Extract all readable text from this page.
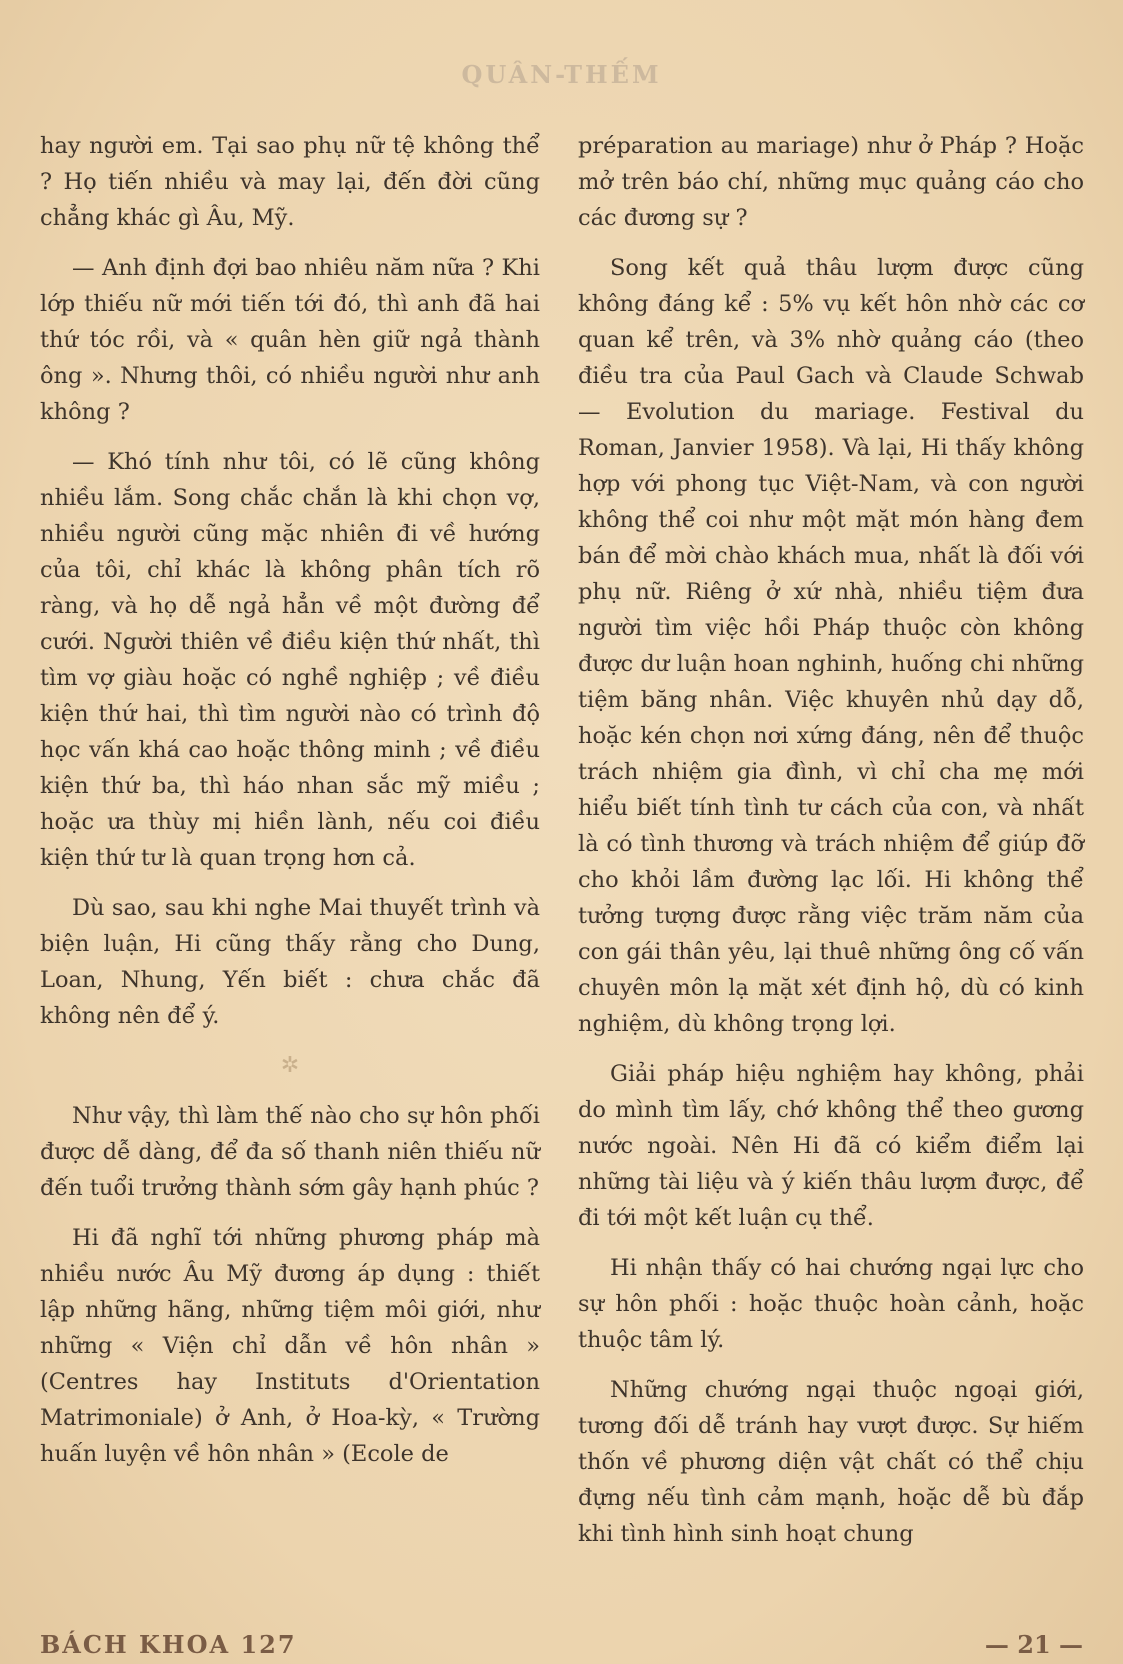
QUÂN-THẾM

hay người em. Tại sao phụ nữ tệ không thể ? Họ tiến nhiều và may lại, đến đời cũng chẳng khác gì Âu, Mỹ.

— Anh định đợi bao nhiêu năm nữa ? Khi lớp thiếu nữ mới tiến tới đó, thì anh đã hai thứ tóc rồi, và « quân hèn giữ ngả thành ông ». Nhưng thôi, có nhiều người như anh không ?

— Khó tính như tôi, có lẽ cũng không nhiều lắm. Song chắc chắn là khi chọn vợ, nhiều người cũng mặc nhiên đi về hướng của tôi, chỉ khác là không phân tích rõ ràng, và họ dễ ngả hẳn về một đường để cưới. Người thiên về điều kiện thứ nhất, thì tìm vợ giàu hoặc có nghề nghiệp ; về điều kiện thứ hai, thì tìm người nào có trình độ học vấn khá cao hoặc thông minh ; về điều kiện thứ ba, thì háo nhan sắc mỹ miều ; hoặc ưa thùy mị hiền lành, nếu coi điều kiện thứ tư là quan trọng hơn cả.

Dù sao, sau khi nghe Mai thuyết trình và biện luận, Hi cũng thấy rằng cho Dung, Loan, Nhung, Yến biết : chưa chắc đã không nên để ý.

✲

Như vậy, thì làm thế nào cho sự hôn phối được dễ dàng, để đa số thanh niên thiếu nữ đến tuổi trưởng thành sớm gây hạnh phúc ?

Hi đã nghĩ tới những phương pháp mà nhiều nước Âu Mỹ đương áp dụng : thiết lập những hãng, những tiệm môi giới, như những « Viện chỉ dẫn về hôn nhân » (Centres hay Instituts d'Orientation Matrimoniale) ở Anh, ở Hoa-kỳ, « Trường huấn luyện về hôn nhân » (Ecole de

préparation au mariage) như ở Pháp ? Hoặc mở trên báo chí, những mục quảng cáo cho các đương sự ?

Song kết quả thâu lượm được cũng không đáng kể : 5% vụ kết hôn nhờ các cơ quan kể trên, và 3% nhờ quảng cáo (theo điều tra của Paul Gach và Claude Schwab — Evolution du mariage. Festival du Roman, Janvier 1958). Và lại, Hi thấy không hợp với phong tục Việt-Nam, và con người không thể coi như một mặt món hàng đem bán để mời chào khách mua, nhất là đối với phụ nữ. Riêng ở xứ nhà, nhiều tiệm đưa người tìm việc hồi Pháp thuộc còn không được dư luận hoan nghinh, huống chi những tiệm băng nhân. Việc khuyên nhủ dạy dỗ, hoặc kén chọn nơi xứng đáng, nên để thuộc trách nhiệm gia đình, vì chỉ cha mẹ mới hiểu biết tính tình tư cách của con, và nhất là có tình thương và trách nhiệm để giúp đỡ cho khỏi lầm đường lạc lối. Hi không thể tưởng tượng được rằng việc trăm năm của con gái thân yêu, lại thuê những ông cố vấn chuyên môn lạ mặt xét định hộ, dù có kinh nghiệm, dù không trọng lợi.

Giải pháp hiệu nghiệm hay không, phải do mình tìm lấy, chớ không thể theo gương nước ngoài. Nên Hi đã có kiểm điểm lại những tài liệu và ý kiến thâu lượm được, để đi tới một kết luận cụ thể.

Hi nhận thấy có hai chướng ngại lực cho sự hôn phối : hoặc thuộc hoàn cảnh, hoặc thuộc tâm lý.

Những chướng ngại thuộc ngoại giới, tương đối dễ tránh hay vượt được. Sự hiếm thốn về phương diện vật chất có thể chịu đựng nếu tình cảm mạnh, hoặc dễ bù đắp khi tình hình sinh hoạt chung

BÁCH KHOA 127	— 21 —
